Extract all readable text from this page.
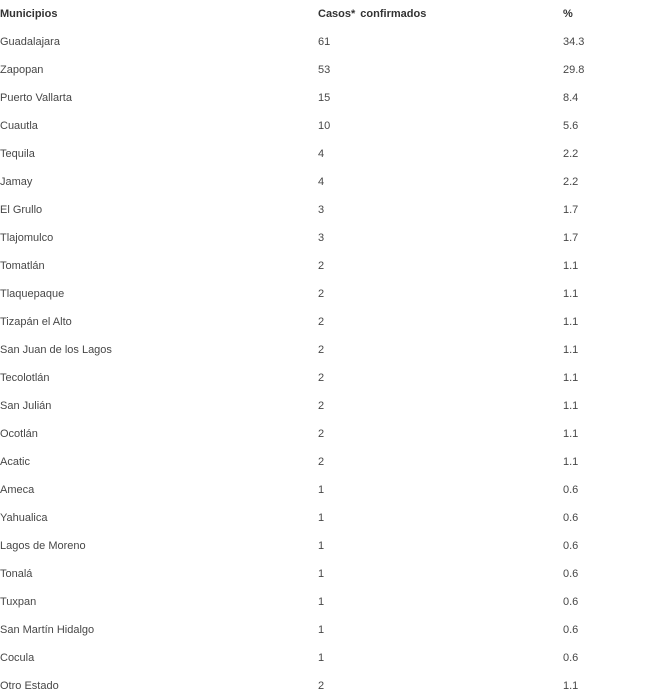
Municipios	Casos* confirmados	%
Guadalajara	61	34.3
Zapopan	53	29.8
Puerto Vallarta	15	8.4
Cuautla	10	5.6
Tequila	4	2.2
Jamay	4	2.2
El Grullo	3	1.7
Tlajomulco	3	1.7
Tomatlán	2	1.1
Tlaquepaque	2	1.1
Tizapán el Alto	2	1.1
San Juan de los Lagos	2	1.1
Tecolotlán	2	1.1
San Julián	2	1.1
Ocotlán	2	1.1
Acatic	2	1.1
Ameca	1	0.6
Yahualica	1	0.6
Lagos de Moreno	1	0.6
Tonalá	1	0.6
Tuxpan	1	0.6
San Martín Hidalgo	1	0.6
Cocula	1	0.6
Otro Estado	2	1.1
